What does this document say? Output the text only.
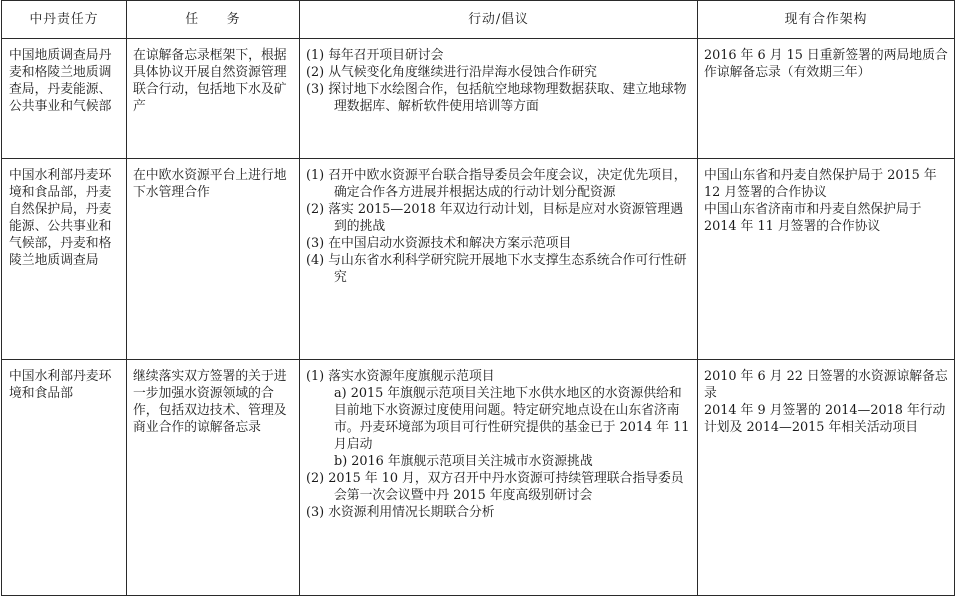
中丹责任方	任　　务	行动/倡议	现有合作架构
中国地质调查局丹麦和格陵兰地质调查局，丹麦能源、公共事业和气候部	在谅解备忘录框架下，根据具体协议开展自然资源管理联合行动，包括地下水及矿产	(1) 每年召开项目研讨会
(2) 从气候变化角度继续进行沿岸海水侵蚀合作研究
(3) 探讨地下水绘图合作，包括航空地球物理数据获取、建立地球物理数据库、解析软件使用培训等方面	2016 年 6 月 15 日重新签署的两局地质合作谅解备忘录（有效期三年）

中国水利部丹麦环境和食品部，丹麦自然保护局，丹麦能源、公共事业和气候部，丹麦和格陵兰地质调查局	在中欧水资源平台上进行地下水管理合作	(1) 召开中欧水资源平台联合指导委员会年度会议，决定优先项目，确定合作各方进展并根据达成的行动计划分配资源
(2) 落实 2015—2018 年双边行动计划，目标是应对水资源管理遇到的挑战
(3) 在中国启动水资源技术和解决方案示范项目
(4) 与山东省水利科学研究院开展地下水支撑生态系统合作可行性研究	中国山东省和丹麦自然保护局于 2015 年 12 月签署的合作协议
中国山东省济南市和丹麦自然保护局于 2014 年 11 月签署的合作协议

中国水利部丹麦环境和食品部	继续落实双方签署的关于进一步加强水资源领域的合作，包括双边技术、管理及商业合作的谅解备忘录	(1) 落实水资源年度旗舰示范项目
a) 2015 年旗舰示范项目关注地下水供水地区的水资源供给和目前地下水资源过度使用问题。特定研究地点设在山东省济南市。丹麦环境部为项目可行性研究提供的基金已于 2014 年 11 月启动
b) 2016 年旗舰示范项目关注城市水资源挑战
(2) 2015 年 10 月，双方召开中丹水资源可持续管理联合指导委员会第一次会议暨中丹 2015 年度高级别研讨会
(3) 水资源利用情况长期联合分析	2010 年 6 月 22 日签署的水资源谅解备忘录
2014 年 9 月签署的 2014—2018 年行动计划及 2014—2015 年相关活动项目
